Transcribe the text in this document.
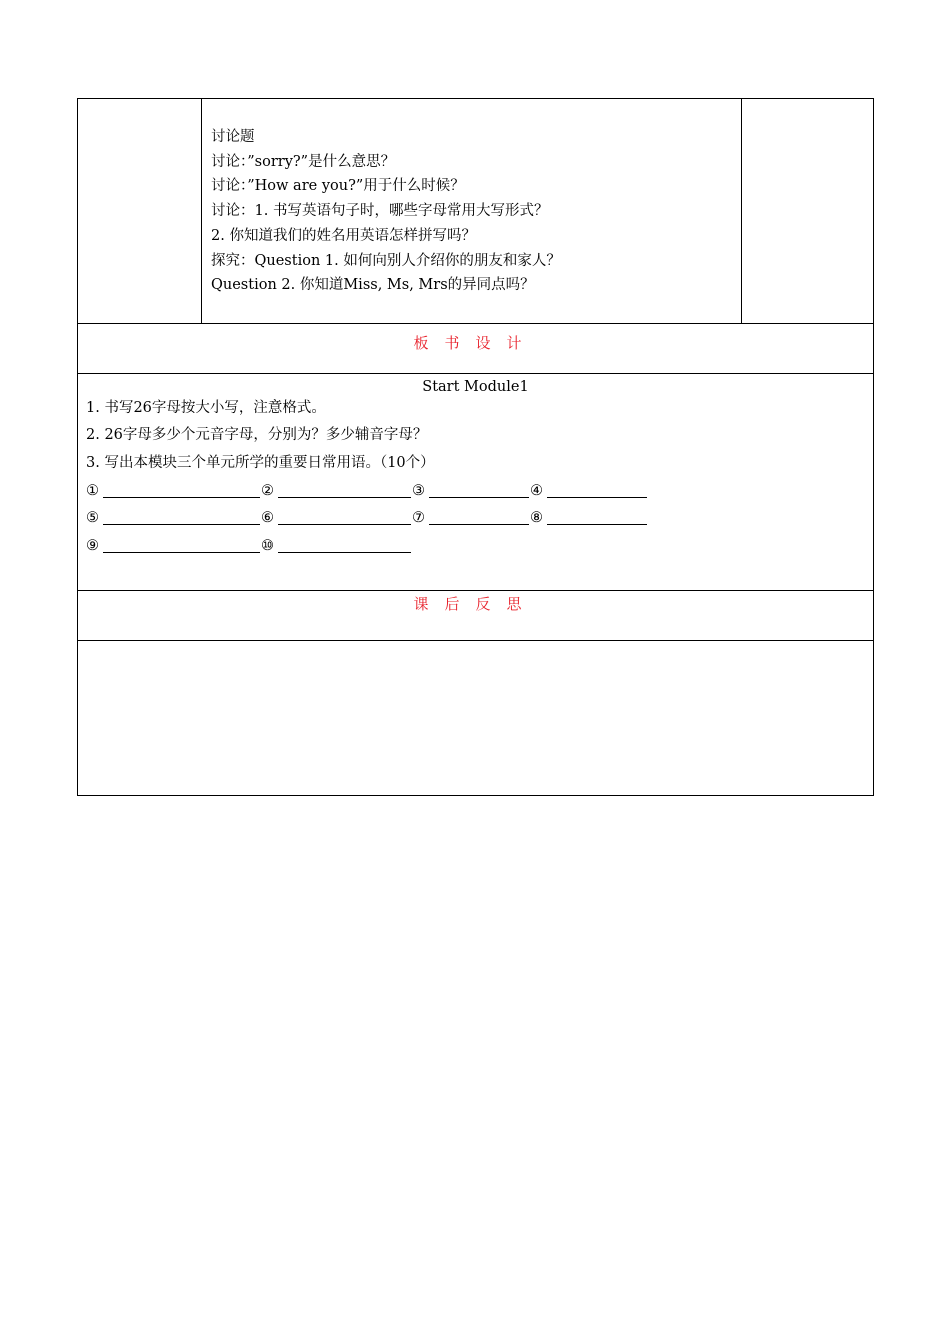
讨论题
讨论：”sorry?”是什么意思？
讨论：”How are you?”用于什么时候？
讨论：1. 书写英语句子时，哪些字母常用大写形式？
2. 你知道我们的姓名用英语怎样拼写吗？
探究：Question 1. 如何向别人介绍你的朋友和家人？
Question 2. 你知道Miss, Ms, Mrs的异同点吗？
板书设计
Start Module1
1. 书写26字母按大小写，注意格式。
2. 26字母多少个元音字母，分别为？多少辅音字母？
3. 写出本模块三个单元所学的重要日常用语。（10个）
①	②	③	④
⑤	⑥	⑦	⑧
⑨	⑩
课后反思
